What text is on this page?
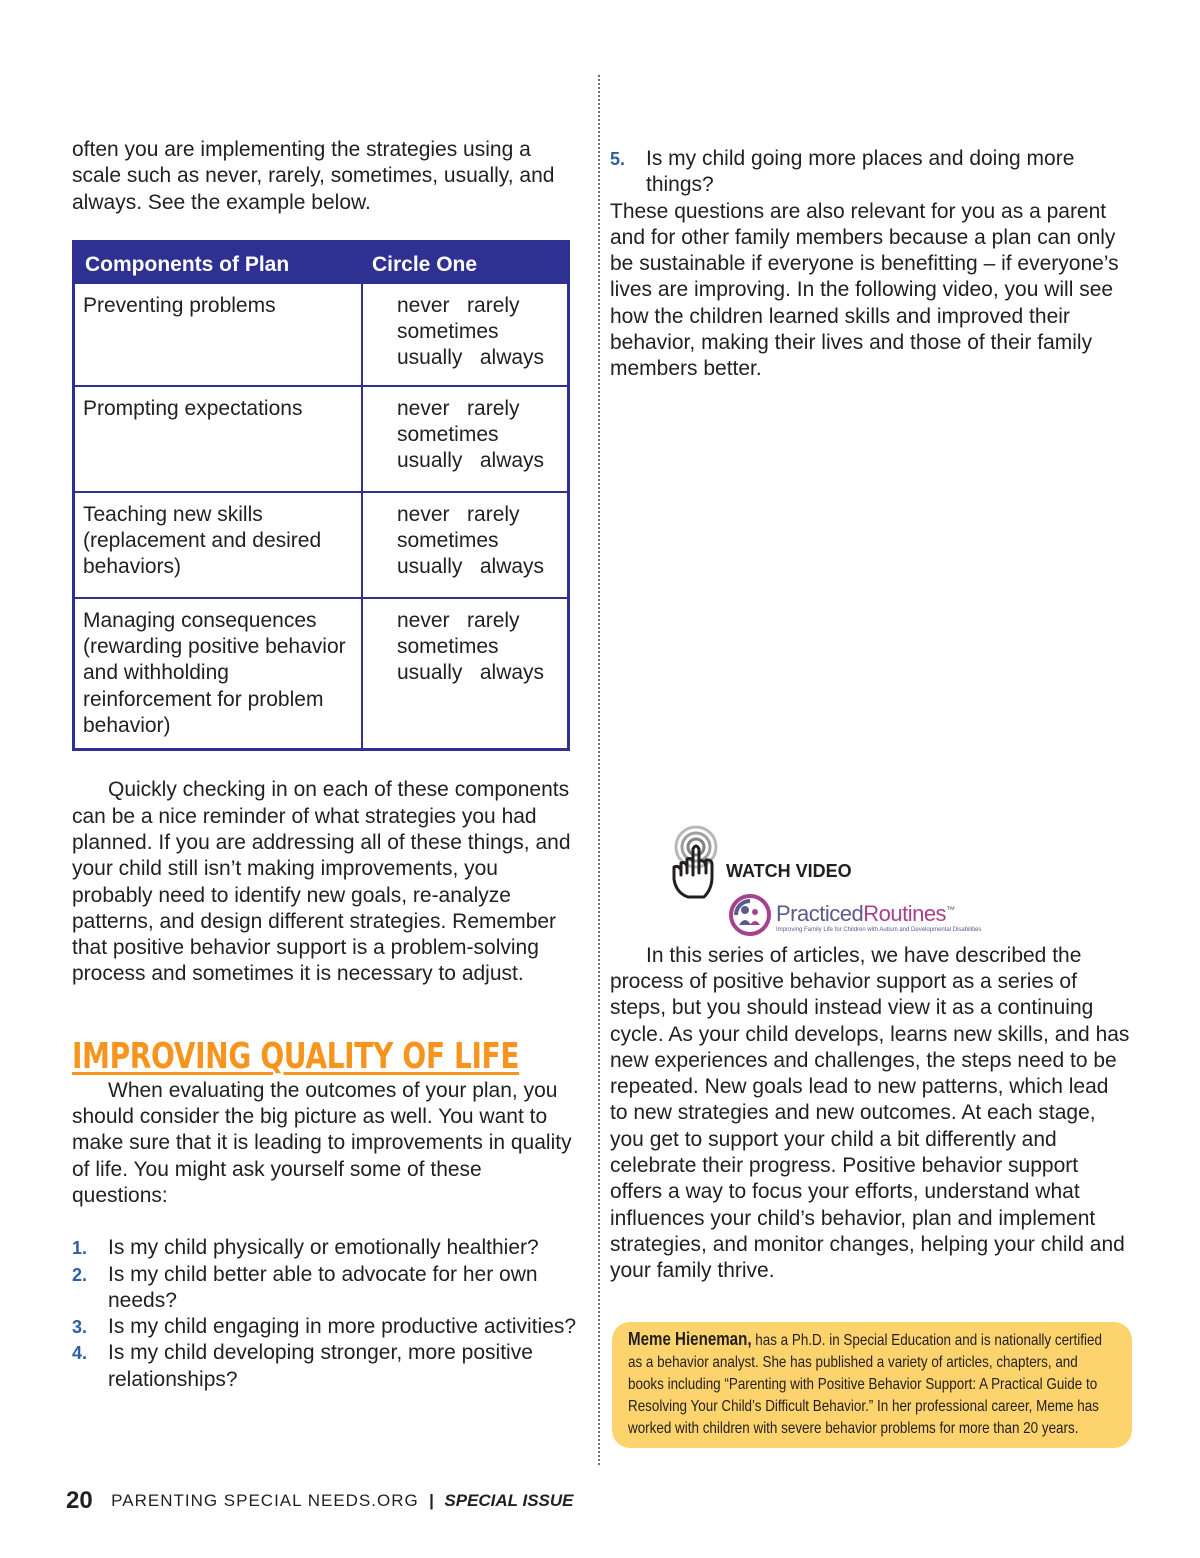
often you are implementing the strategies using a scale such as never, rarely, sometimes, usually, and always. See the example below.

Components of Plan	Circle One
Preventing problems	never   rarely
sometimes
usually   always

Prompting expectations	never   rarely
sometimes
usually   always

Teaching new skills (replacement and desired behaviors)	never   rarely
sometimes
usually   always

Managing consequences (rewarding positive behavior and withholding reinforcement for problem behavior)	never   rarely
sometimes
usually   always

Quickly checking in on each of these components can be a nice reminder of what strategies you had planned. If you are addressing all of these things, and your child still isn’t making improvements, you probably need to identify new goals, re-analyze patterns, and design different strategies. Remember that positive behavior support is a problem-solving process and sometimes it is necessary to adjust.

IMPROVING QUALITY OF LIFE

When evaluating the outcomes of your plan, you should consider the big picture as well. You want to make sure that it is leading to improvements in quality of life. You might ask yourself some of these questions:

1. Is my child physically or emotionally healthier?
2. Is my child better able to advocate for her own needs?
3. Is my child engaging in more productive activities?
4. Is my child developing stronger, more positive relationships?
5. Is my child going more places and doing more things?

These questions are also relevant for you as a parent and for other family members because a plan can only be sustainable if everyone is benefitting – if everyone’s lives are improving. In the following video, you will see how the children learned skills and improved their behavior, making their lives and those of their family members better.

WATCH VIDEO
PracticedRoutines™
Improving Family Life for Children with Autism and Developmental Disabilities

In this series of articles, we have described the process of positive behavior support as a series of steps, but you should instead view it as a continuing cycle. As your child develops, learns new skills, and has new experiences and challenges, the steps need to be repeated. New goals lead to new patterns, which lead to new strategies and new outcomes. At each stage, you get to support your child a bit differently and celebrate their progress. Positive behavior support offers a way to focus your efforts, understand what influences your child’s behavior, plan and implement strategies, and monitor changes, helping your child and your family thrive.

Meme Hieneman, has a Ph.D. in Special Education and is nationally certified as a behavior analyst. She has published a variety of articles, chapters, and books including “Parenting with Positive Behavior Support: A Practical Guide to Resolving Your Child’s Difficult Behavior.” In her professional career, Meme has worked with children with severe behavior problems for more than 20 years.
20 PARENTING SPECIAL NEEDS.ORG | SPECIAL ISSUE
